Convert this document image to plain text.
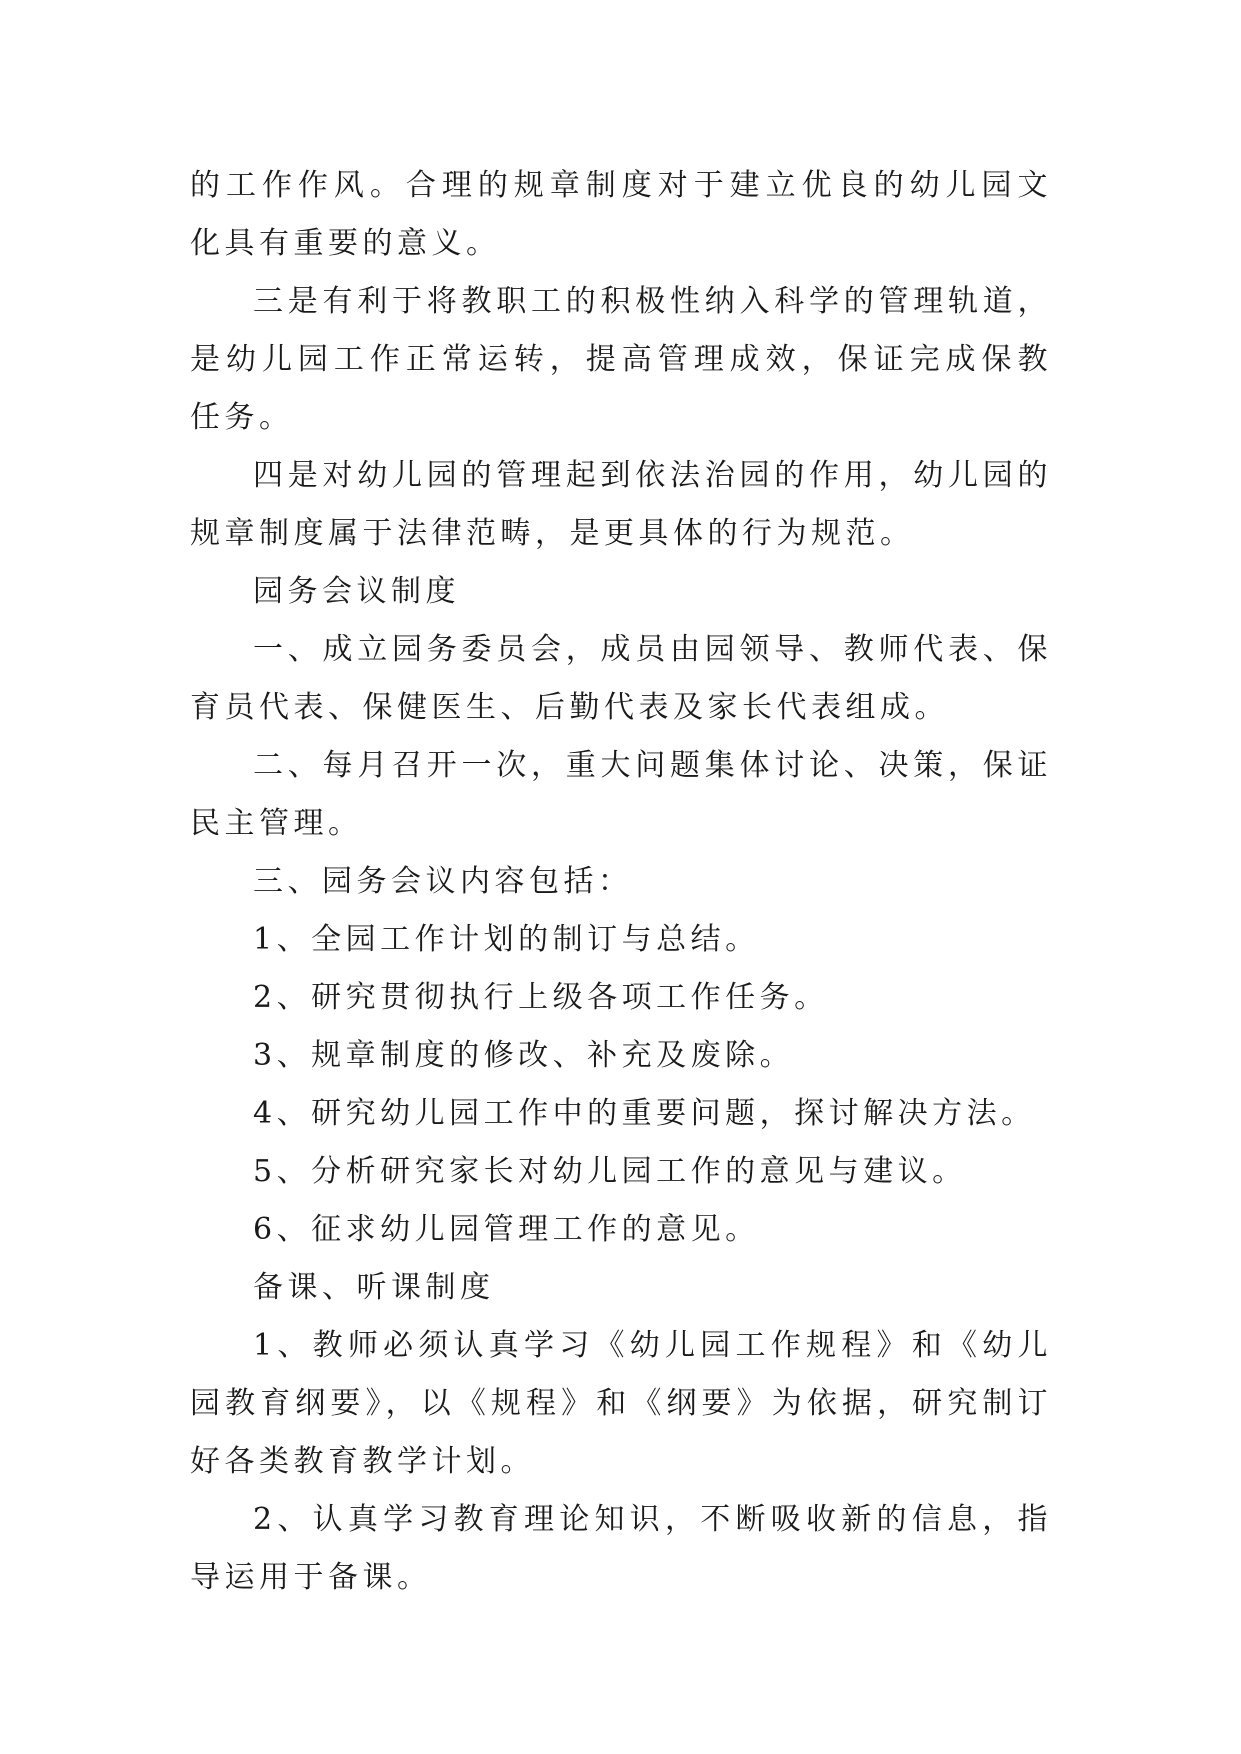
的工作作风。合理的规章制度对于建立优良的幼儿园文化具有重要的意义。

三是有利于将教职工的积极性纳入科学的管理轨道，是幼儿园工作正常运转，提高管理成效，保证完成保教任务。

四是对幼儿园的管理起到依法治园的作用，幼儿园的规章制度属于法律范畴，是更具体的行为规范。

园务会议制度

一、成立园务委员会，成员由园领导、教师代表、保育员代表、保健医生、后勤代表及家长代表组成。

二、每月召开一次，重大问题集体讨论、决策，保证民主管理。

三、园务会议内容包括：

1、全园工作计划的制订与总结。

2、研究贯彻执行上级各项工作任务。

3、规章制度的修改、补充及废除。

4、研究幼儿园工作中的重要问题，探讨解决方法。

5、分析研究家长对幼儿园工作的意见与建议。

6、征求幼儿园管理工作的意见。

备课、听课制度

1、教师必须认真学习《幼儿园工作规程》和《幼儿园教育纲要》，以《规程》和《纲要》为依据，研究制订好各类教育教学计划。

2、认真学习教育理论知识，不断吸收新的信息，指导运用于备课。
